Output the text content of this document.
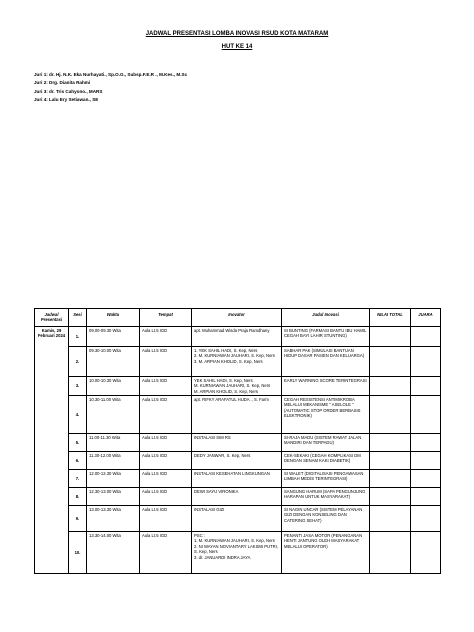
JADWAL PRESENTASI LOMBA INOVASI RSUD KOTA MATARAM
HUT KE 14
Juri 1: dr. Hj. N.K. Eka Nurhayati., Sp.O.G., Subsp.F.E.R ., M.Kes., M.Sc
Juri 2: Drg. Dianita Rahmi
Juri 3: dr. Tris Cahyono., MARS
Juri 4: Lalu Ery Setiawan., SE
Jadwal Presentasi	Sesi	Waktu	Tempat	Inovator	Judul Inovasi	NILAI TOTAL	JUARA
Kamis, 29 Februari 2024	1.	09.00-09.30 Wita	Aula Lt.5 IGD	apt. Muhammad Wisda Praja Ramdhany	SI BUNTING (FARMASI BANTU IBU HAMIL CEGAH BAYI LAHIR STUNTING)		
	2.	09.30-10.00 Wita	Aula Lt.5 IGD	1. YEK SAHIL HADI, S. Kep, Ners
2. M. KURNIAWAN JAUHARI, S. Kep, Ners
3. M. ARPIAN KHOLID, S. Kep, Ners	SABHAR PAK (SIMULASI BANTUAN HIDUP DASAR PASIEN DAN KELUARGA)		
	3.	10.00-10.30 Wita	Aula Lt.5 IGD	YEK SAHIL HADI, S. Kep, Ners
M. KURNIAWAN JAUHARI, S. Kep, Ners
M. ARPIAN KHOLID, S. Kep, Ners	EARLY WARNING SCORE TERINTEGRASI		
	4.	10.30-11.00 Wita	Aula Lt.5 IGD	apt. RIFKY ARAFATUL HUDA ., S. Farm	CEGAH RESISTENSI ANTIMIKROBA MELALUI MEKANISME " ASELOLE " (AUTOMATIC STOP ORDER BERBASIS ELEKTRONIK)		
	5.	11.00-11.30 Wita	Aula Lt.5 IGD	INSTALASI SIM RS	SI-RAJA MADU (SISTEM RAWAT JALAN MANDIRI DAN TERPADU)		
	6.	11.30-12.00 Wita	Aula Lt.5 IGD	DEDY JANWAR, S. Kep, Ners	CEK-SEKAKI (CEGAH KOMPLIKASI DM DENGAN SENAM KAKI DIABETIK)		
	7.	12.00-12.30 Wita	Aula Lt.5 IGD	INSTALASI KESEHATAN LINGKUNGAN	SI WALET (DIGITALISASI PENGAWASAN LIMBAH MEDIS TERINTEGRASI)		
	8.	12.30-13.00 Wita	Aula Lt.5 IGD	DEWI SAYU VIRONIKA	SANGUNG HARUM (SAPA PENGUNJUNG HARAPAN UNTUK MASYARAKAT)		
	9.	13.00-13.30 Wita	Aula Lt.5 IGD	INSTALASI GIZI	SI NAGIN UNCAR (SISTEM PELAYANAN GIZI DENGAN KONSELING DAN CATERING SEHAT)		
	10.	13.30-14.00 Wita	Aula Lt.5 IGD	PSC :
1. M. KURNIAWAN JAUHARI, S. Kep, Ners
2. NI WAYAN NOVIANTARY LAKSMI PUTRI, S. Kep, Ners
3. dr. JANUARDI INDRA JAYA	PENANTI JASA MOTOR (PENANGANAN HENTI JANTUNG OLEH MASYARAKAT MELALUI OPERATOR)		
